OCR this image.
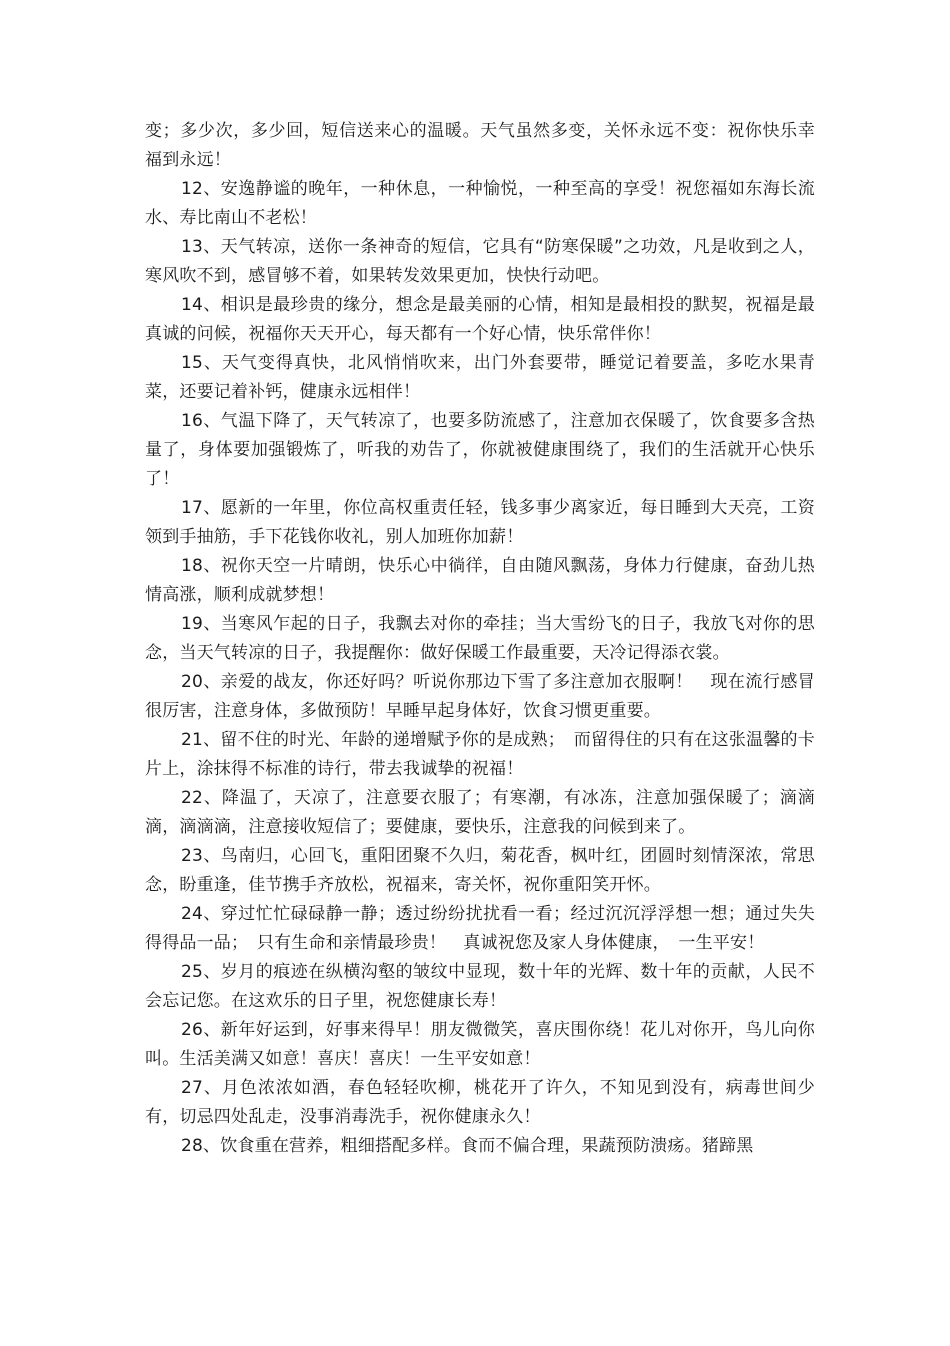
变；多少次，多少回，短信送来心的温暖。天气虽然多变，关怀永远不变：祝你快乐幸福到永远！

12、安逸静谧的晚年，一种休息，一种愉悦，一种至高的享受！祝您福如东海长流水、寿比南山不老松！

13、天气转凉，送你一条神奇的短信，它具有“防寒保暖”之功效，凡是收到之人，寒风吹不到，感冒够不着，如果转发效果更加，快快行动吧。

14、相识是最珍贵的缘分，想念是最美丽的心情，相知是最相投的默契，祝福是最真诚的问候，祝福你天天开心，每天都有一个好心情，快乐常伴你！

15、天气变得真快，北风悄悄吹来，出门外套要带，睡觉记着要盖，多吃水果青菜，还要记着补钙，健康永远相伴！

16、气温下降了，天气转凉了，也要多防流感了，注意加衣保暖了，饮食要多含热量了，身体要加强锻炼了，听我的劝告了，你就被健康围绕了，我们的生活就开心快乐了！

17、愿新的一年里，你位高权重责任轻，钱多事少离家近，每日睡到大天亮，工资领到手抽筋，手下花钱你收礼，别人加班你加薪！

18、祝你天空一片晴朗，快乐心中徜徉，自由随风飘荡，身体力行健康，奋劲儿热情高涨，顺利成就梦想！

19、当寒风乍起的日子，我飘去对你的牵挂；当大雪纷飞的日子，我放飞对你的思念，当天气转凉的日子，我提醒你：做好保暖工作最重要，天冷记得添衣裳。

20、亲爱的战友，你还好吗？听说你那边下雪了多注意加衣服啊！　现在流行感冒很厉害，注意身体，多做预防！早睡早起身体好，饮食习惯更重要。

21、留不住的时光、年龄的递增赋予你的是成熟；　而留得住的只有在这张温馨的卡片上，涂抹得不标准的诗行，带去我诚挚的祝福！

22、降温了，天凉了，注意要衣服了；有寒潮，有冰冻，注意加强保暖了；滴滴滴，滴滴滴，注意接收短信了；要健康，要快乐，注意我的问候到来了。

23、鸟南归，心回飞，重阳团聚不久归，菊花香，枫叶红，团圆时刻情深浓，常思念，盼重逢，佳节携手齐放松，祝福来，寄关怀，祝你重阳笑开怀。

24、穿过忙忙碌碌静一静；透过纷纷扰扰看一看；经过沉沉浮浮想一想；通过失失得得品一品；　只有生命和亲情最珍贵！　真诚祝您及家人身体健康，　一生平安！

25、岁月的痕迹在纵横沟壑的皱纹中显现，数十年的光辉、数十年的贡献，人民不会忘记您。在这欢乐的日子里，祝您健康长寿！

26、新年好运到，好事来得早！朋友微微笑，喜庆围你绕！花儿对你开，鸟儿向你叫。生活美满又如意！喜庆！喜庆！一生平安如意！

27、月色浓浓如酒，春色轻轻吹柳，桃花开了许久，不知见到没有，病毒世间少有，切忌四处乱走，没事消毒洗手，祝你健康永久！

28、饮食重在营养，粗细搭配多样。食而不偏合理，果蔬预防溃疡。猪蹄黑
